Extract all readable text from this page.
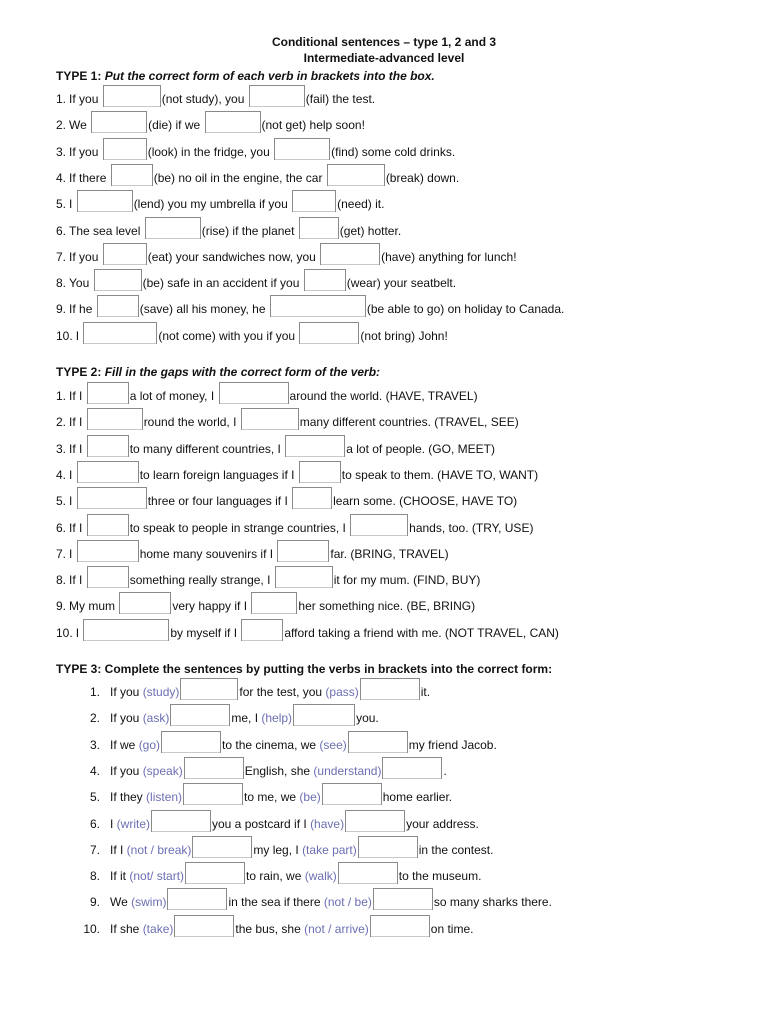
Conditional sentences – type 1, 2 and 3
Intermediate-advanced level
TYPE 1: Put the correct form of each verb in brackets into the box.
1. If you	(not study), you	(fail) the test.
2. We	(die) if we	(not get) help soon!
3. If you	(look) in the fridge, you	(find) some cold drinks.
4. If there	(be) no oil in the engine, the car	(break) down.
5. I	(lend) you my umbrella if you	(need) it.
6. The sea level	(rise) if the planet	(get) hotter.
7. If you	(eat) your sandwiches now, you	(have) anything for lunch!
8. You	(be) safe in an accident if you	(wear) your seatbelt.
9. If he	(save) all his money, he	(be able to go) on holiday to Canada.
10. I	(not come) with you if you	(not bring) John!
TYPE 2: Fill in the gaps with the correct form of the verb:
1. If I	a lot of money, I	around the world. (HAVE, TRAVEL)
2. If I	round the world, I	many different countries. (TRAVEL, SEE)
3. If I	to many different countries, I	a lot of people. (GO, MEET)
4. I	to learn foreign languages if I	to speak to them. (HAVE TO, WANT)
5. I	three or four languages if I	learn some. (CHOOSE, HAVE TO)
6. If I	to speak to people in strange countries, I	hands, too. (TRY, USE)
7. I	home many souvenirs if I	far. (BRING, TRAVEL)
8. If I	something really strange, I	it for my mum. (FIND, BUY)
9. My mum	very happy if I	her something nice. (BE, BRING)
10. I	by myself if I	afford taking a friend with me. (NOT TRAVEL, CAN)
TYPE 3: Complete the sentences by putting the verbs in brackets into the correct form:
1. If you (study)	for the test, you (pass)	it.
2. If you (ask)	me, I (help)	you.
3. If we (go)	to the cinema, we (see)	my friend Jacob.
4. If you (speak)	English, she (understand)	.
5. If they (listen)	to me, we (be)	home earlier.
6. I (write)	you a postcard if I (have)	your address.
7. If I (not / break)	my leg, I (take part)	in the contest.
8. If it (not/ start)	to rain, we (walk)	to the museum.
9. We (swim)	in the sea if there (not / be)	so many sharks there.
10. If she (take)	the bus, she (not / arrive)	on time.
